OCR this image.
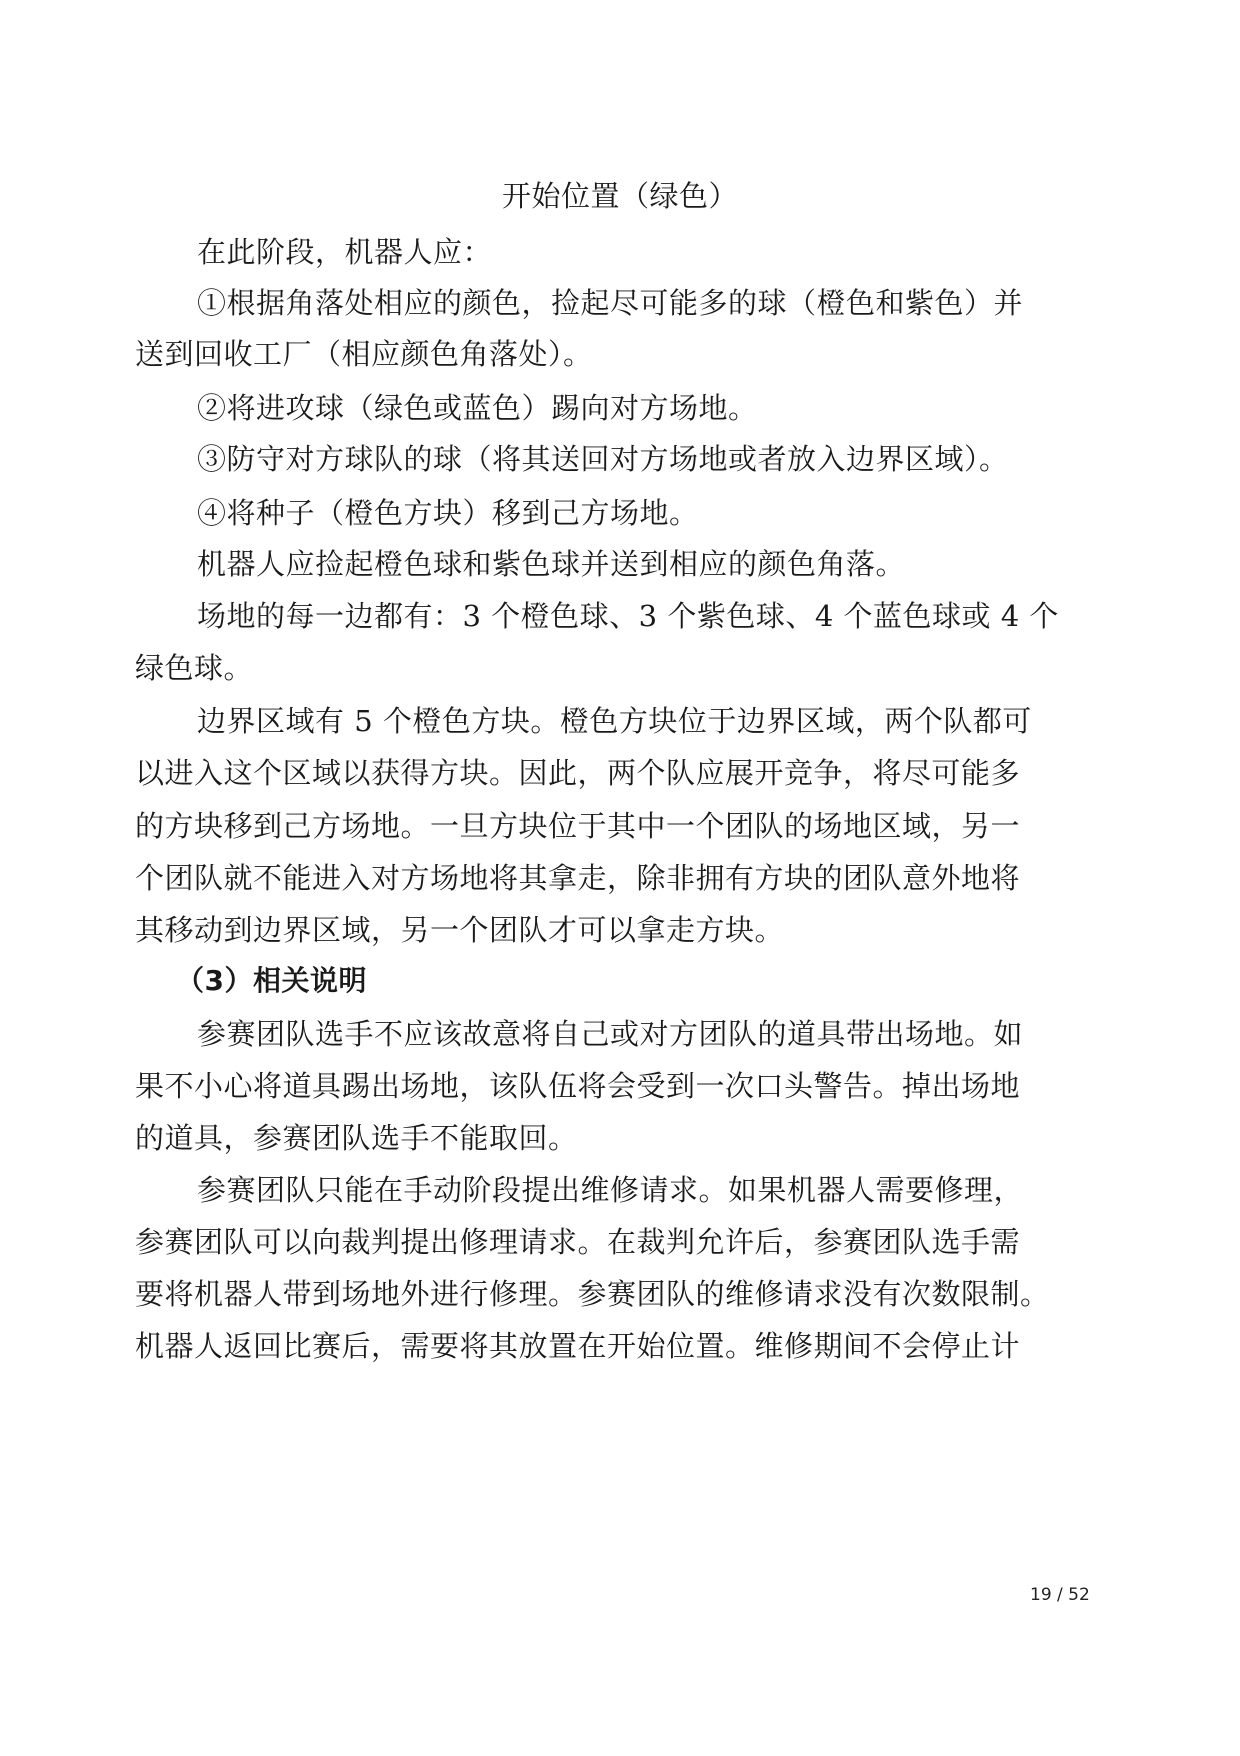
开始位置（绿色）
在此阶段，机器人应：
①根据角落处相应的颜色，捡起尽可能多的球（橙色和紫色）并
送到回收工厂（相应颜色角落处）。
②将进攻球（绿色或蓝色）踢向对方场地。
③防守对方球队的球（将其送回对方场地或者放入边界区域）。
④将种子（橙色方块）移到己方场地。
机器人应捡起橙色球和紫色球并送到相应的颜色角落。
场地的每一边都有：3 个橙色球、3 个紫色球、4 个蓝色球或 4 个
绿色球。
边界区域有 5 个橙色方块。橙色方块位于边界区域，两个队都可
以进入这个区域以获得方块。因此，两个队应展开竞争，将尽可能多
的方块移到己方场地。一旦方块位于其中一个团队的场地区域，另一
个团队就不能进入对方场地将其拿走，除非拥有方块的团队意外地将
其移动到边界区域，另一个团队才可以拿走方块。
（3）相关说明
参赛团队选手不应该故意将自己或对方团队的道具带出场地。如
果不小心将道具踢出场地，该队伍将会受到一次口头警告。掉出场地
的道具，参赛团队选手不能取回。
参赛团队只能在手动阶段提出维修请求。如果机器人需要修理，
参赛团队可以向裁判提出修理请求。在裁判允许后，参赛团队选手需
要将机器人带到场地外进行修理。参赛团队的维修请求没有次数限制。
机器人返回比赛后，需要将其放置在开始位置。维修期间不会停止计
19 / 52
